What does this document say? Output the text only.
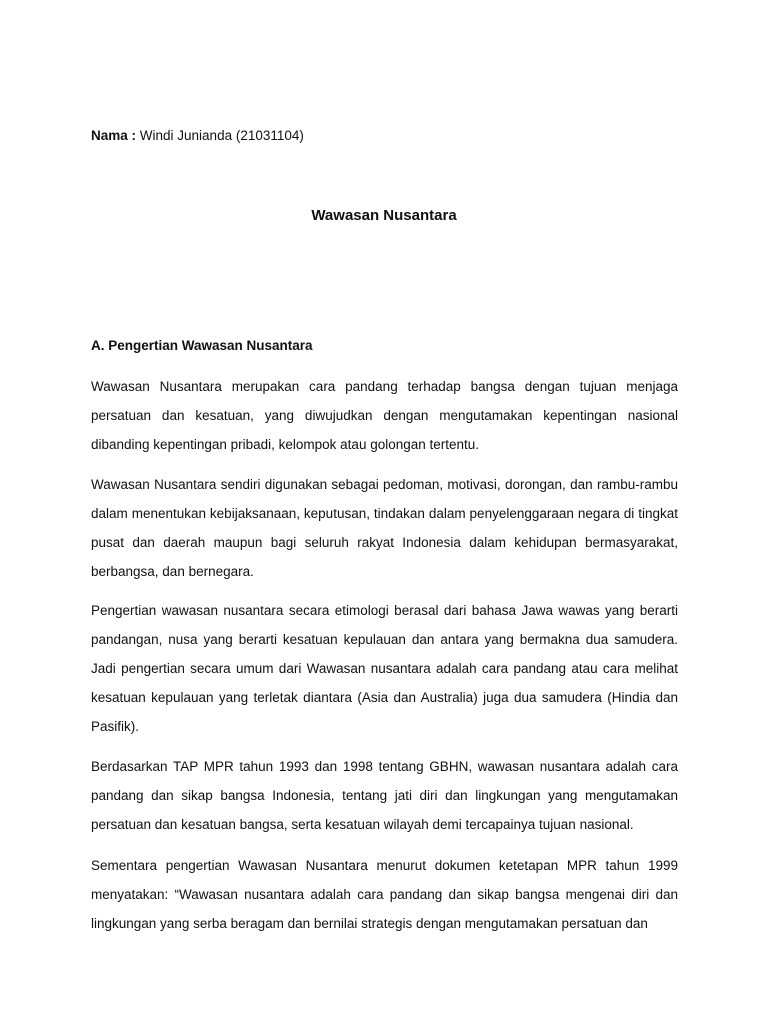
Nama : Windi Junianda (21031104)
Wawasan Nusantara
A. Pengertian Wawasan Nusantara

Wawasan Nusantara merupakan cara pandang terhadap bangsa dengan tujuan menjaga persatuan dan kesatuan, yang diwujudkan dengan mengutamakan kepentingan nasional dibanding kepentingan pribadi, kelompok atau golongan tertentu.

Wawasan Nusantara sendiri digunakan sebagai pedoman, motivasi, dorongan, dan rambu-rambu dalam menentukan kebijaksanaan, keputusan, tindakan dalam penyelenggaraan negara di tingkat pusat dan daerah maupun bagi seluruh rakyat Indonesia dalam kehidupan bermasyarakat, berbangsa, dan bernegara.

Pengertian wawasan nusantara secara etimologi berasal dari bahasa Jawa wawas yang berarti pandangan, nusa yang berarti kesatuan kepulauan dan antara yang bermakna dua samudera. Jadi pengertian secara umum dari Wawasan nusantara adalah cara pandang atau cara melihat kesatuan kepulauan yang terletak diantara (Asia dan Australia) juga dua samudera (Hindia dan Pasifik).

Berdasarkan TAP MPR tahun 1993 dan 1998 tentang GBHN, wawasan nusantara adalah cara pandang dan sikap bangsa Indonesia, tentang jati diri dan lingkungan yang mengutamakan persatuan dan kesatuan bangsa, serta kesatuan wilayah demi tercapainya tujuan nasional.

Sementara pengertian Wawasan Nusantara menurut dokumen ketetapan MPR tahun 1999 menyatakan: “Wawasan nusantara adalah cara pandang dan sikap bangsa mengenai diri dan lingkungan yang serba beragam dan bernilai strategis dengan mengutamakan persatuan dan
